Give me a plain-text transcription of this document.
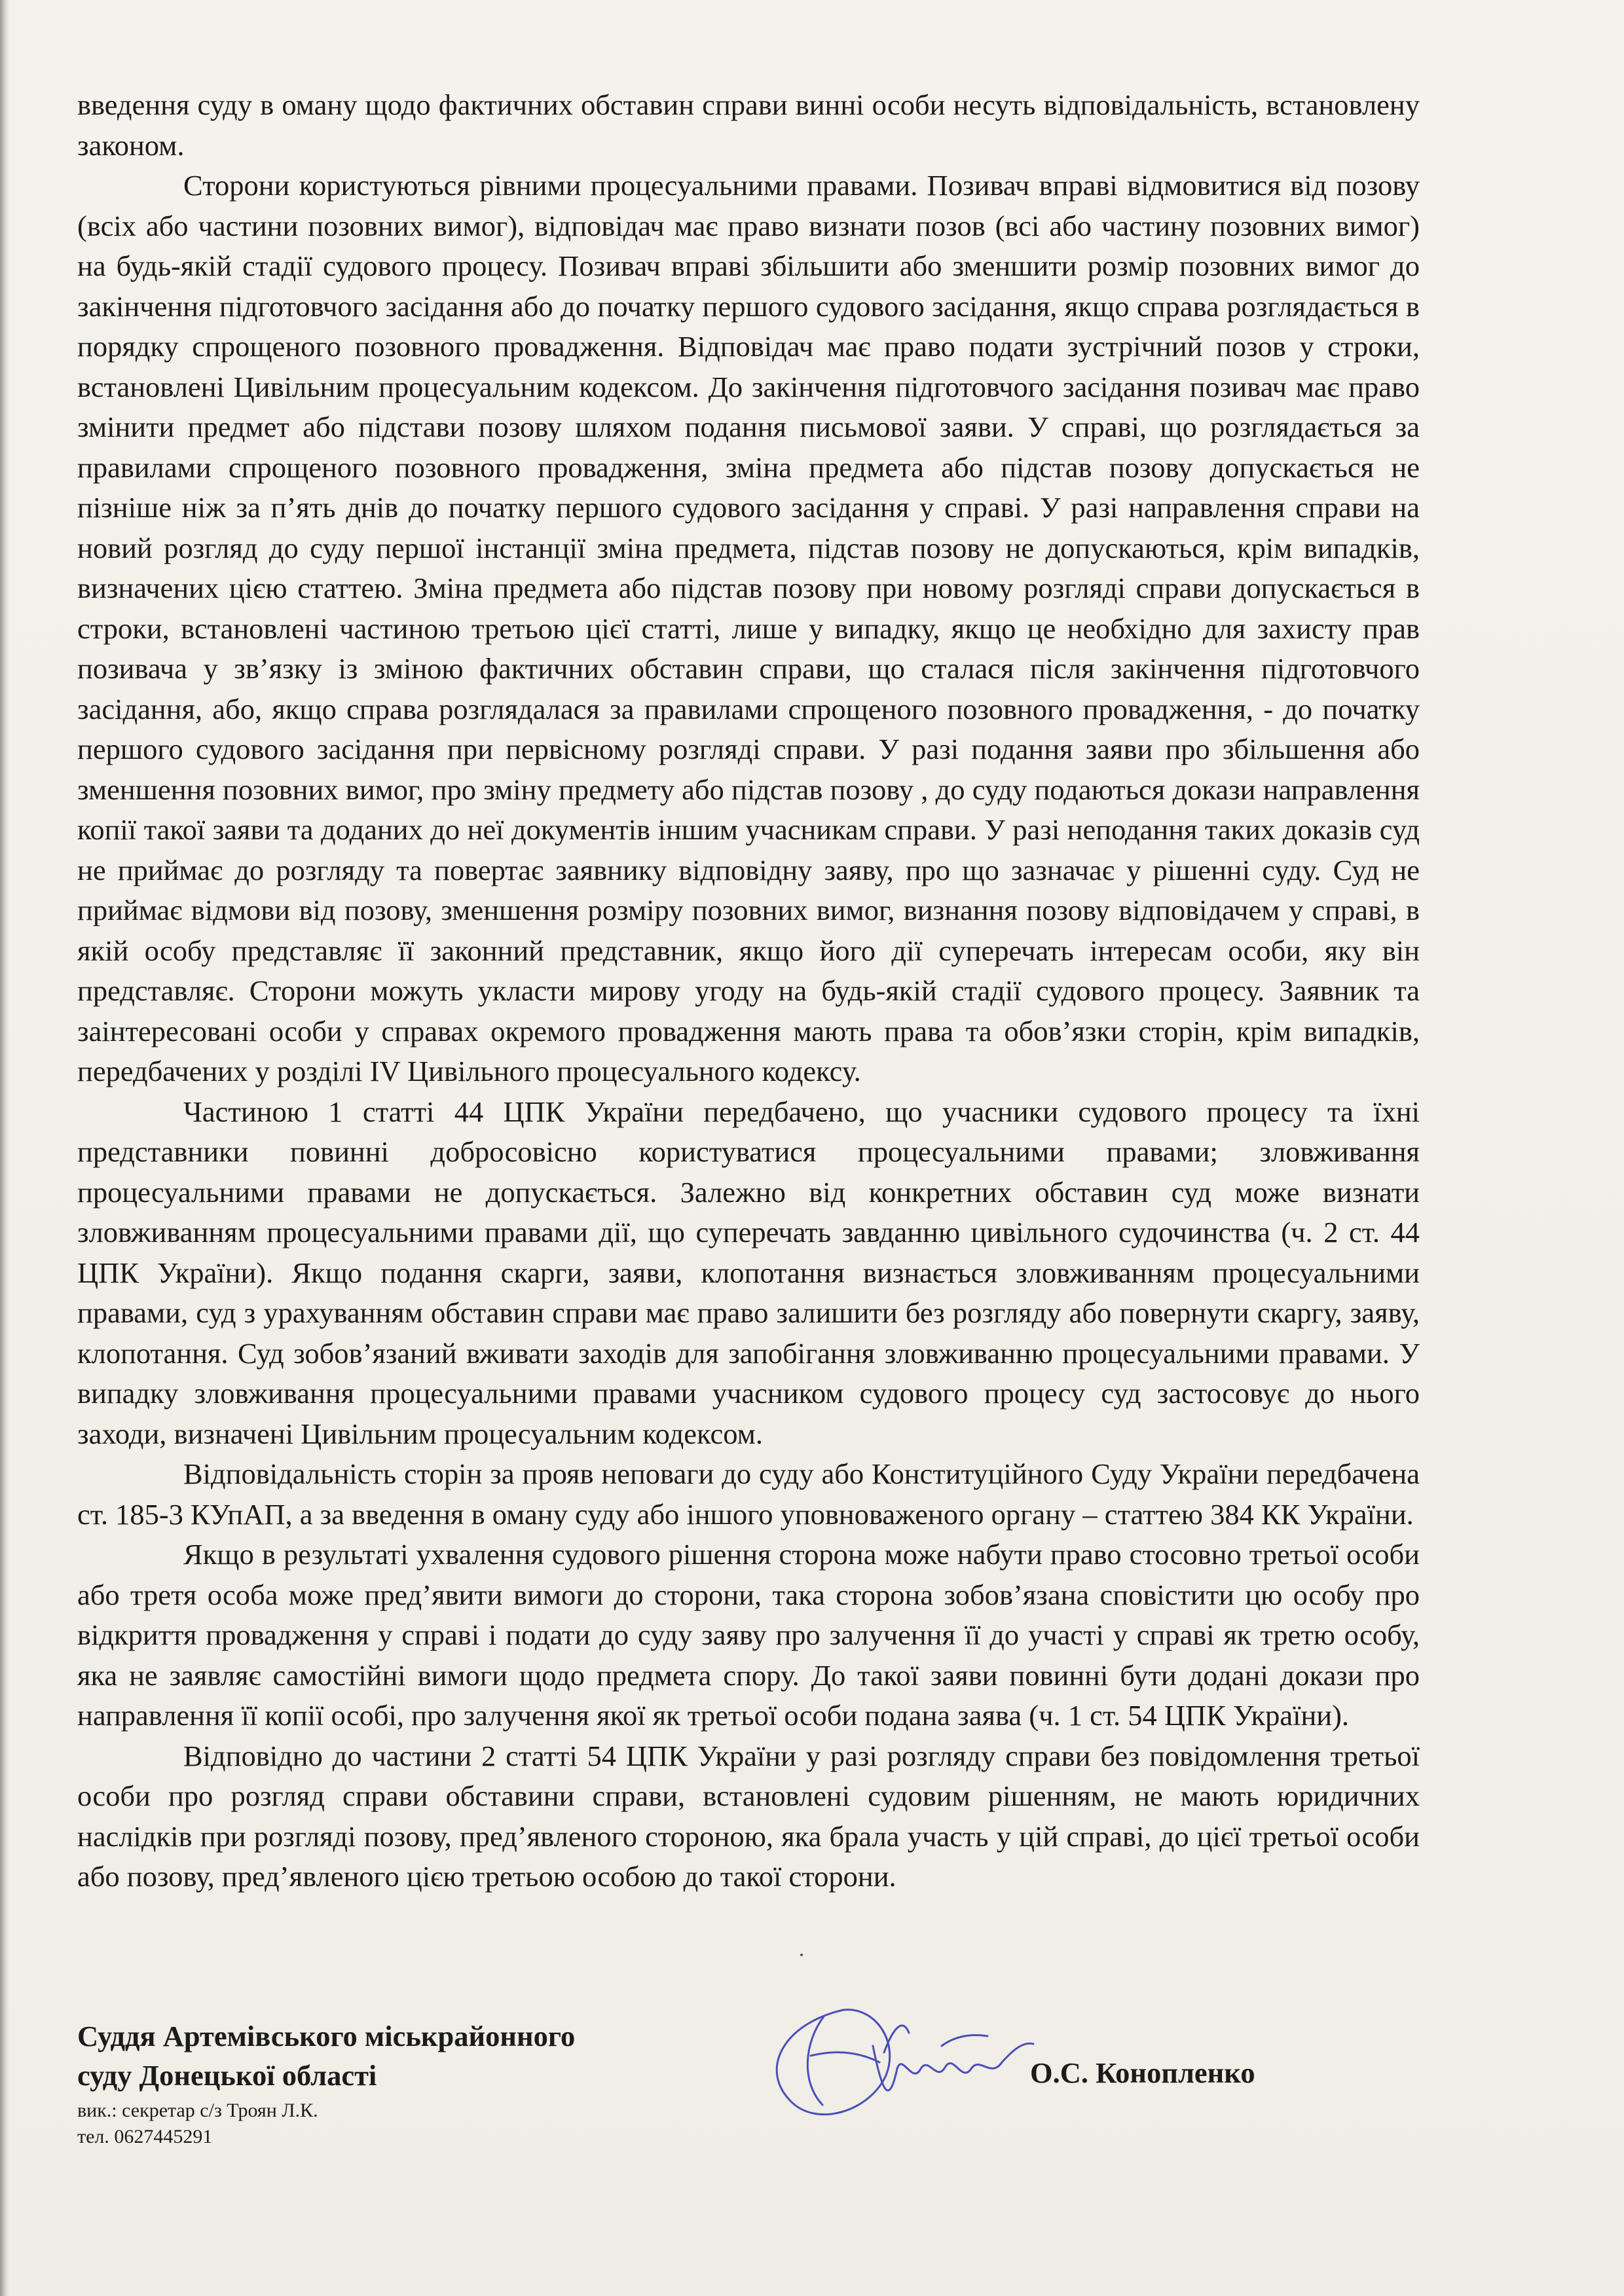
введення суду в оману щодо фактичних обставин справи винні особи несуть відповідальність, встановлену законом.

Сторони користуються рівними процесуальними правами. Позивач вправі відмовитися від позову (всіх або частини позовних вимог), відповідач має право визнати позов (всі або частину позовних вимог) на будь-якій стадії судового процесу. Позивач вправі збільшити або зменшити розмір позовних вимог до закінчення підготовчого засідання або до початку першого судового засідання, якщо справа розглядається в порядку спрощеного позовного провадження. Відповідач має право подати зустрічний позов у строки, встановлені Цивільним процесуальним кодексом. До закінчення підготовчого засідання позивач має право змінити предмет або підстави позову шляхом подання письмової заяви. У справі, що розглядається за правилами спрощеного позовного провадження, зміна предмета або підстав позову допускається не пізніше ніж за п’ять днів до початку першого судового засідання у справі. У разі направлення справи на новий розгляд до суду першої інстанції зміна предмета, підстав позову не допускаються, крім випадків, визначених цією статтею. Зміна предмета або підстав позову при новому розгляді справи допускається в строки, встановлені частиною третьою цієї статті, лише у випадку, якщо це необхідно для захисту прав позивача у зв’язку із зміною фактичних обставин справи, що сталася після закінчення підготовчого засідання, або, якщо справа розглядалася за правилами спрощеного позовного провадження, - до початку першого судового засідання при первісному розгляді справи. У разі подання заяви про збільшення або зменшення позовних вимог, про зміну предмету або підстав позову , до суду подаються докази направлення копії такої заяви та доданих до неї документів іншим учасникам справи. У разі неподання таких доказів суд не приймає до розгляду та повертає заявнику відповідну заяву, про що зазначає у рішенні суду. Суд не приймає відмови від позову, зменшення розміру позовних вимог, визнання позову відповідачем у справі, в якій особу представляє її законний представник, якщо його дії суперечать інтересам особи, яку він представляє. Сторони можуть укласти мирову угоду на будь-якій стадії судового процесу. Заявник та заінтересовані особи у справах окремого провадження мають права та обов’язки сторін, крім випадків, передбачених у розділі IV Цивільного процесуального кодексу.

Частиною 1 статті 44 ЦПК України передбачено, що учасники судового процесу та їхні представники повинні добросовісно користуватися процесуальними правами; зловживання процесуальними правами не допускається. Залежно від конкретних обставин суд може визнати зловживанням процесуальними правами дії, що суперечать завданню цивільного судочинства (ч. 2 ст. 44 ЦПК України). Якщо подання скарги, заяви, клопотання визнається зловживанням процесуальними правами, суд з урахуванням обставин справи має право залишити без розгляду або повернути скаргу, заяву, клопотання. Суд зобов’язаний вживати заходів для запобігання зловживанню процесуальними правами. У випадку зловживання процесуальними правами учасником судового процесу суд застосовує до нього заходи, визначені Цивільним процесуальним кодексом.

Відповідальність сторін за прояв неповаги до суду або Конституційного Суду України передбачена ст. 185-3 КУпАП, а за введення в оману суду або іншого уповноваженого органу – статтею 384 КК України.

Якщо в результаті ухвалення судового рішення сторона може набути право стосовно третьої особи або третя особа може пред’явити вимоги до сторони, така сторона зобов’язана сповістити цю особу про відкриття провадження у справі і подати до суду заяву про залучення її до участі у справі як третю особу, яка не заявляє самостійні вимоги щодо предмета спору. До такої заяви повинні бути додані докази про направлення її копії особі, про залучення якої як третьої особи подана заява (ч. 1 ст. 54 ЦПК України).

Відповідно до частини 2 статті 54 ЦПК України у разі розгляду справи без повідомлення третьої особи про розгляд справи обставини справи, встановлені судовим рішенням, не мають юридичних наслідків при розгляді позову, пред’явленого стороною, яка брала участь у цій справі, до цієї третьої особи або позову, пред’явленого цією третьою особою до такої сторони.

Суддя Артемівського міськрайонного
суду Донецької області
вик.: секретар с/з Троян Л.К.
тел. 0627445291
О.С. Конопленко
